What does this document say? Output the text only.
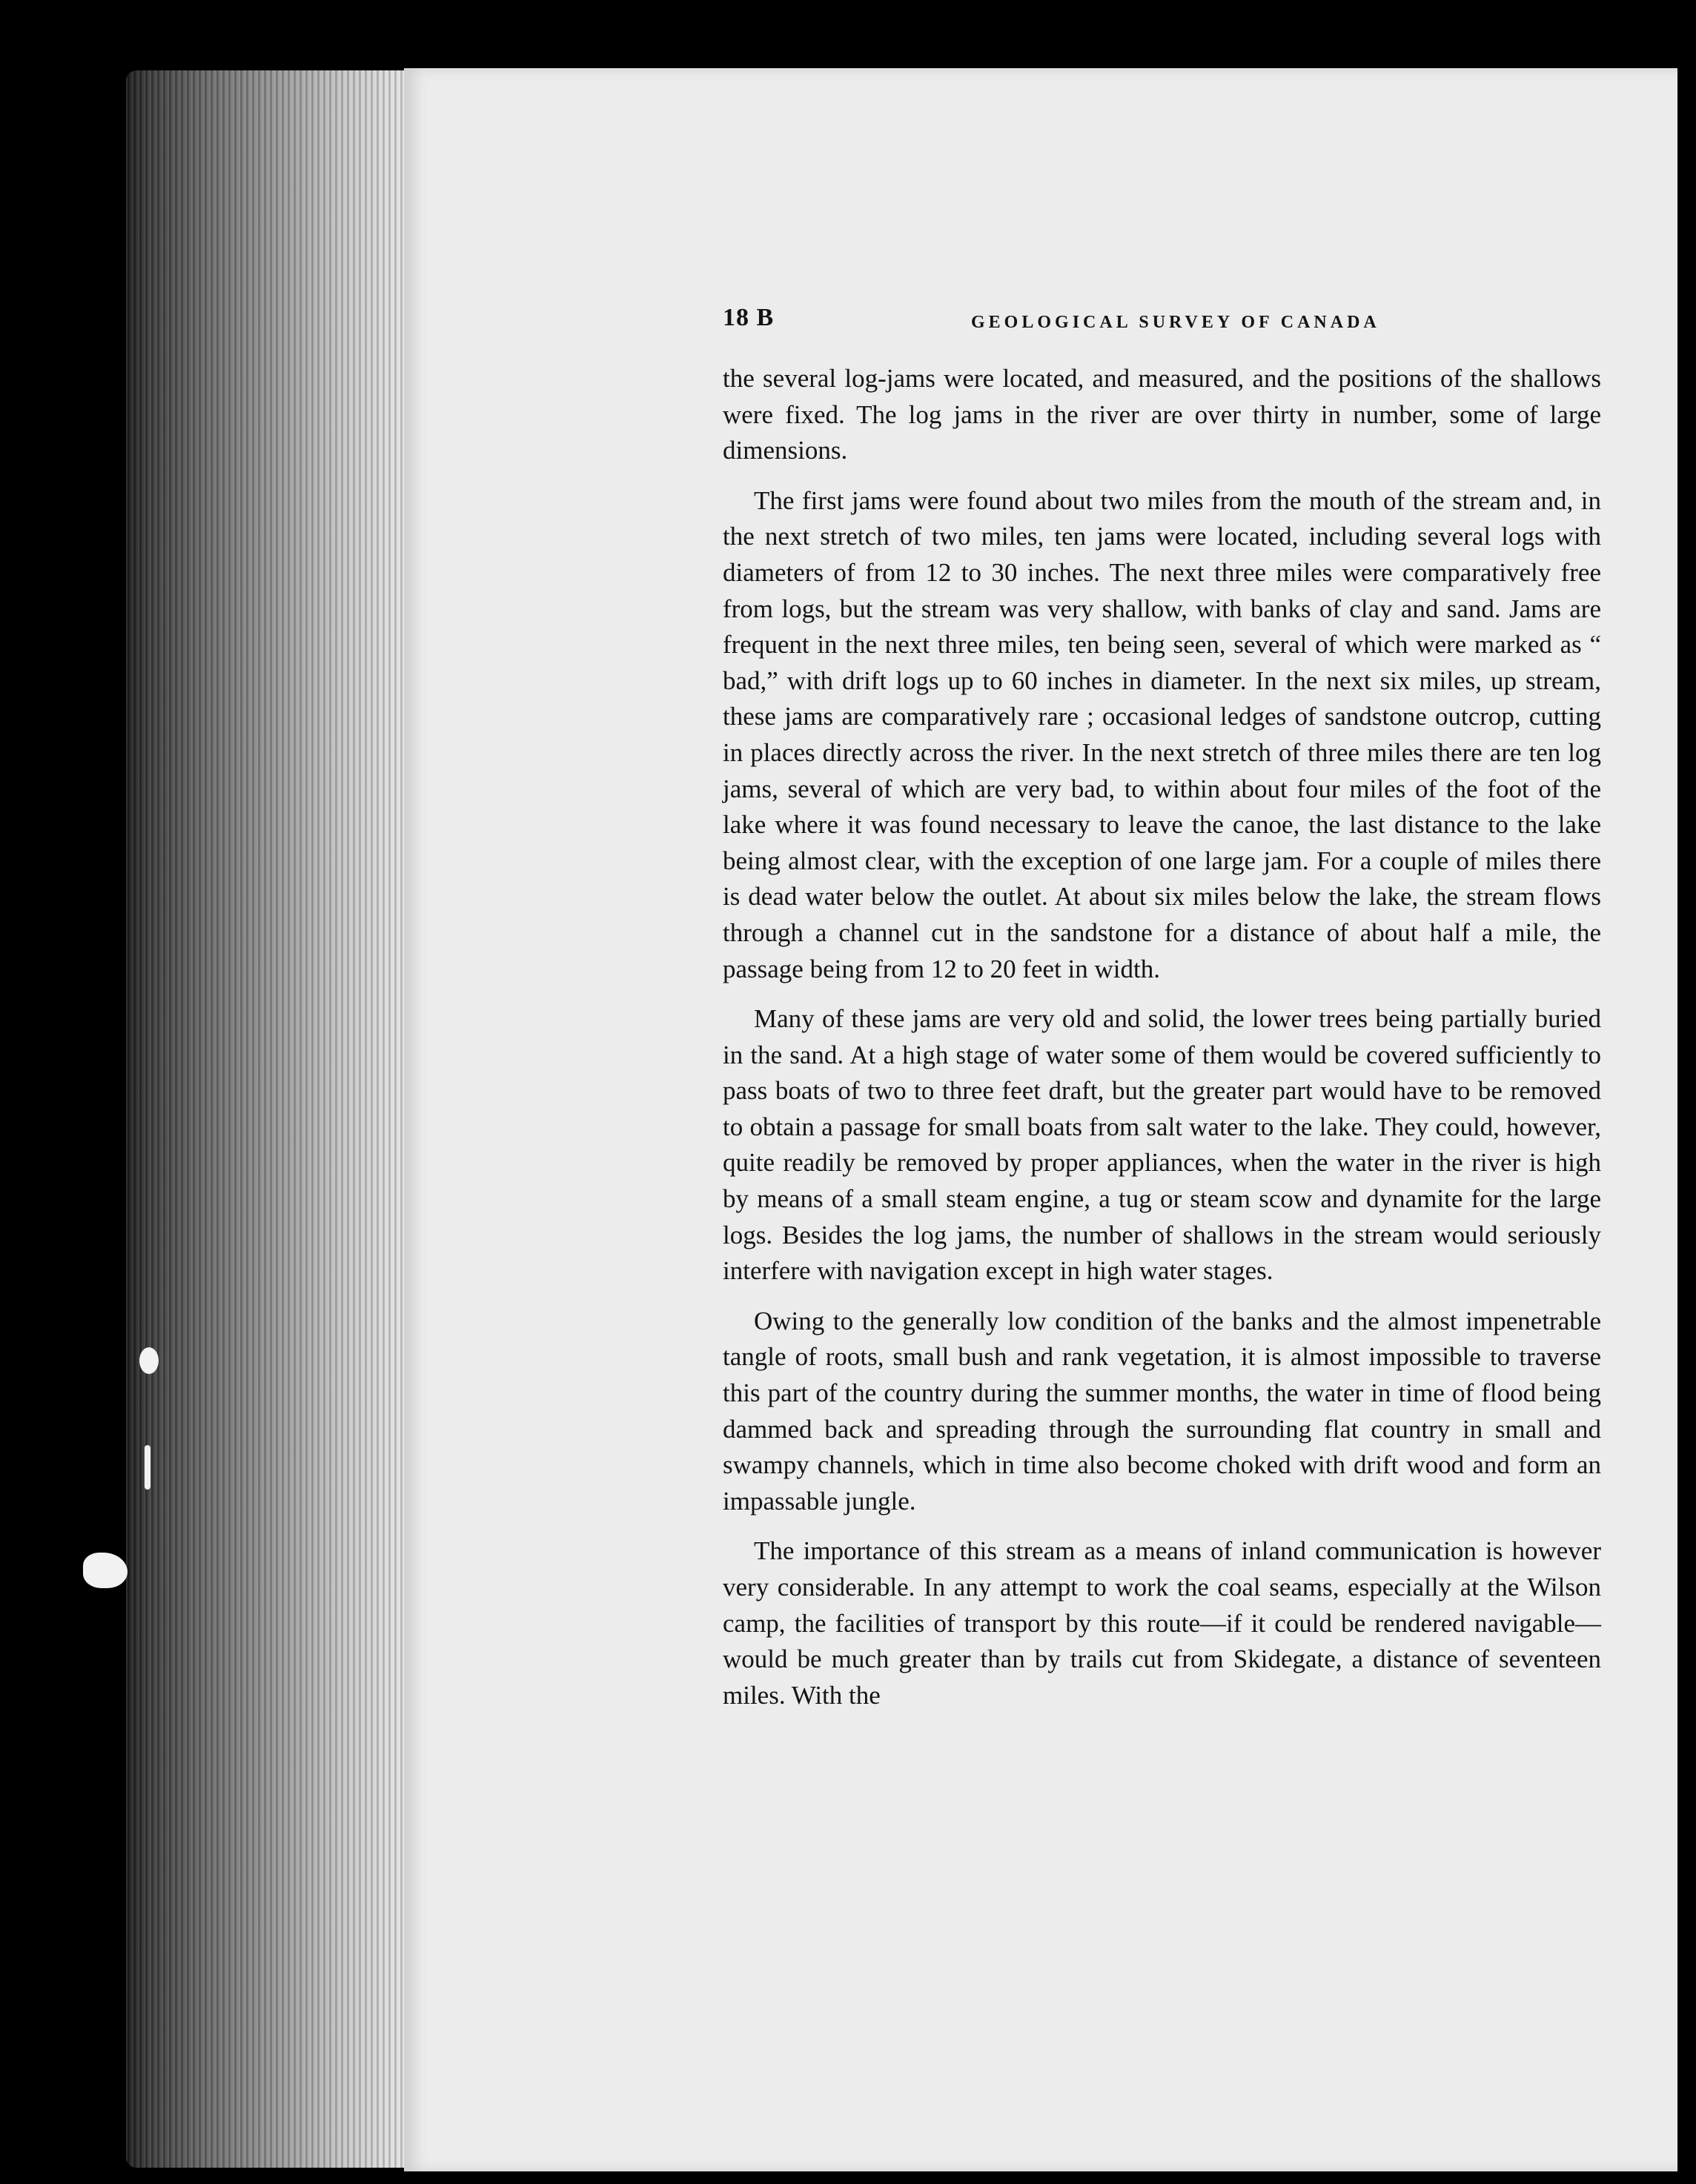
18 B	GEOLOGICAL SURVEY OF CANADA

the several log-jams were located, and measured, and the positions of the shallows were fixed. The log jams in the river are over thirty in number, some of large dimensions.

The first jams were found about two miles from the mouth of the stream and, in the next stretch of two miles, ten jams were located, including several logs with diameters of from 12 to 30 inches. The next three miles were comparatively free from logs, but the stream was very shallow, with banks of clay and sand. Jams are frequent in the next three miles, ten being seen, several of which were marked as “ bad,” with drift logs up to 60 inches in diameter. In the next six miles, up stream, these jams are comparatively rare ; occasional ledges of sandstone outcrop, cutting in places directly across the river. In the next stretch of three miles there are ten log jams, several of which are very bad, to within about four miles of the foot of the lake where it was found necessary to leave the canoe, the last distance to the lake being almost clear, with the exception of one large jam. For a couple of miles there is dead water below the outlet. At about six miles below the lake, the stream flows through a channel cut in the sandstone for a distance of about half a mile, the passage being from 12 to 20 feet in width.

Many of these jams are very old and solid, the lower trees being partially buried in the sand. At a high stage of water some of them would be covered sufficiently to pass boats of two to three feet draft, but the greater part would have to be removed to obtain a passage for small boats from salt water to the lake. They could, however, quite readily be removed by proper appliances, when the water in the river is high by means of a small steam engine, a tug or steam scow and dynamite for the large logs. Besides the log jams, the number of shallows in the stream would seriously interfere with navigation except in high water stages.

Owing to the generally low condition of the banks and the almost impenetrable tangle of roots, small bush and rank vegetation, it is almost impossible to traverse this part of the country during the summer months, the water in time of flood being dammed back and spreading through the surrounding flat country in small and swampy channels, which in time also become choked with drift wood and form an impassable jungle.

The importance of this stream as a means of inland communication is however very considerable. In any attempt to work the coal seams, especially at the Wilson camp, the facilities of transport by this route—if it could be rendered navigable—would be much greater than by trails cut from Skidegate, a distance of seventeen miles. With the
